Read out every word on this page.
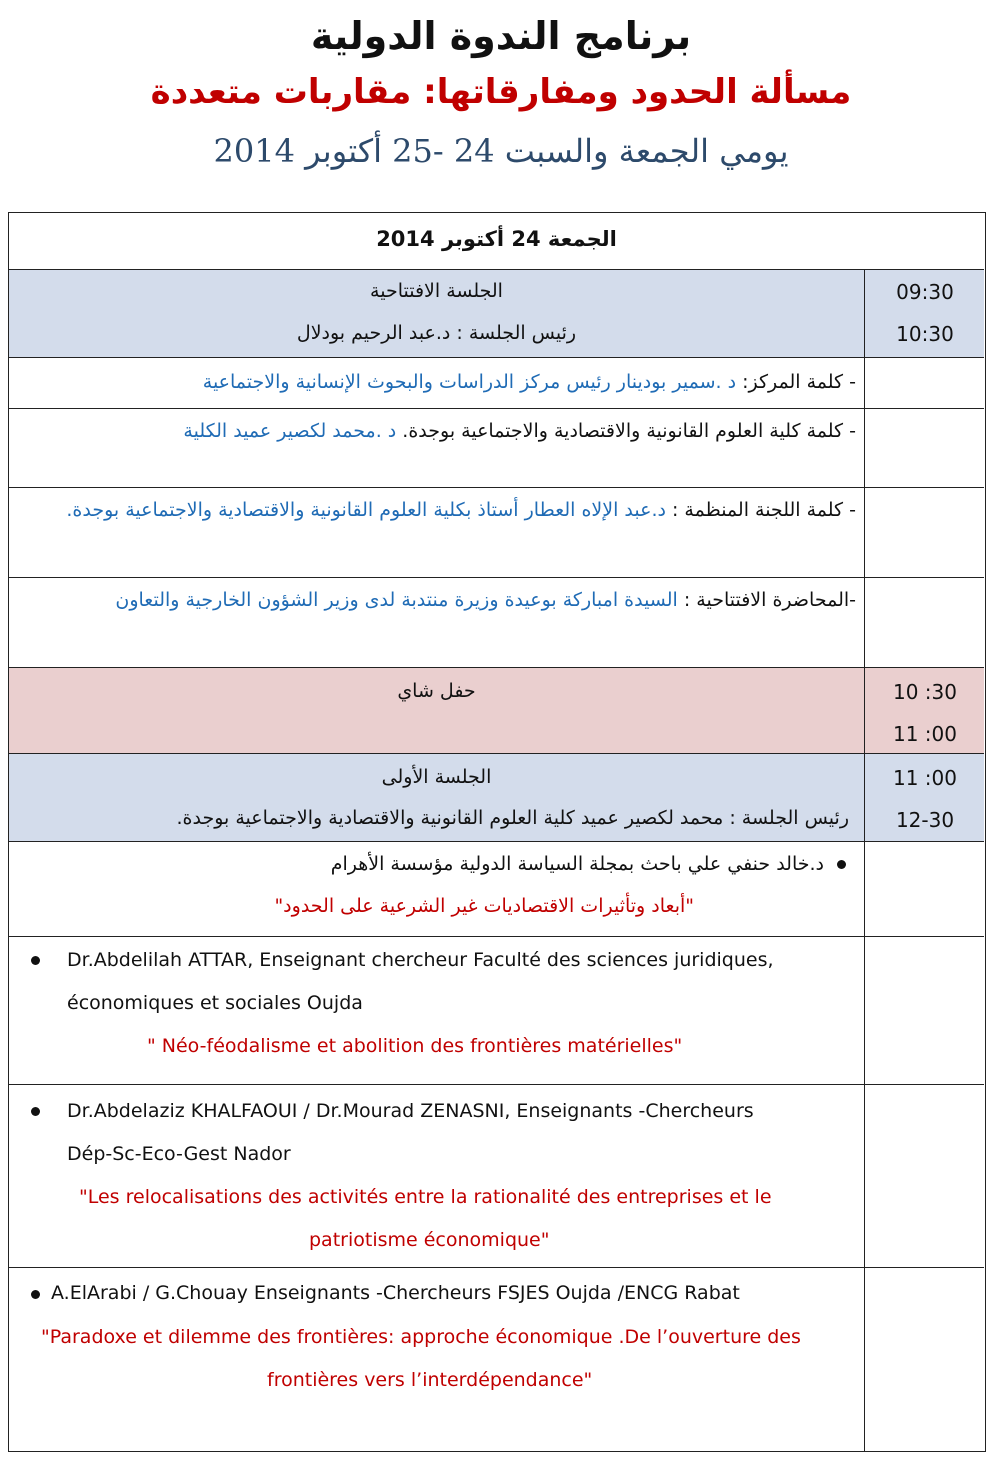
برنامج الندوة الدولية
مسألة الحدود ومفارقاتها: مقاربات متعددة
يومي الجمعة والسبت 24 -25 أكتوبر 2014
الجمعة 24 أكتوبر 2014
الجلسة الافتتاحية
رئيس الجلسة : د.عبد الرحيم بودلال
09:30
10:30
- كلمة المركز: د .سمير بودينار رئيس مركز الدراسات والبحوث الإنسانية والاجتماعية
- كلمة كلية العلوم القانونية والاقتصادية والاجتماعية بوجدة. د .محمد لكصير عميد الكلية
- كلمة اللجنة المنظمة : د.عبد الإلاه العطار أستاذ بكلية العلوم القانونية والاقتصادية والاجتماعية بوجدة.
-المحاضرة الافتتاحية : السيدة امباركة بوعيدة وزيرة منتدبة لدى وزير الشؤون الخارجية والتعاون
حفل شاي	10 :30
11 :00
الجلسة الأولى
رئيس الجلسة : محمد لكصير عميد كلية العلوم القانونية والاقتصادية والاجتماعية بوجدة.
11 :00
12-30
د.خالد حنفي علي باحث بمجلة السياسة الدولية مؤسسة الأهرام
"أبعاد وتأثيرات الاقتصاديات غير الشرعية على الحدود"
Dr.Abdelilah ATTAR, Enseignant chercheur Faculté des sciences juridiques,
économiques et sociales Oujda
" Néo-féodalisme et abolition des frontières matérielles"
Dr.Abdelaziz KHALFAOUI / Dr.Mourad ZENASNI, Enseignants -Chercheurs
Dép-Sc-Eco-Gest Nador
"Les relocalisations des activités entre la rationalité des entreprises et le
patriotisme économique"
A.ElArabi / G.Chouay Enseignants -Chercheurs FSJES Oujda /ENCG Rabat
"Paradoxe et dilemme des frontières: approche économique .De l’ouverture des
frontières vers l’interdépendance"
